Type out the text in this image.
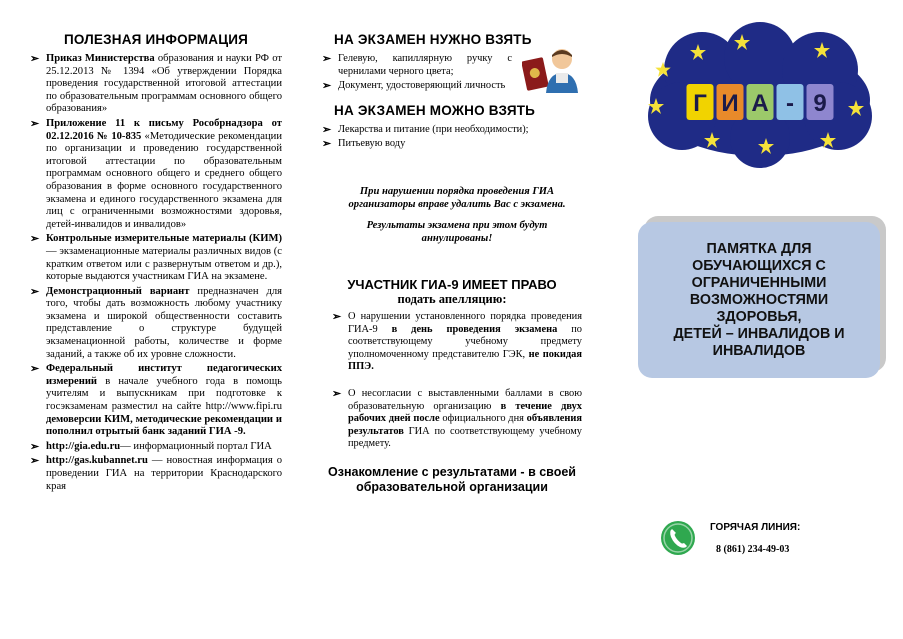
ПОЛЕЗНАЯ ИНФОРМАЦИЯ
➢ Приказ Министерства образования и науки РФ от 25.12.2013 № 1394 «Об утверждении Порядка проведения государственной итоговой аттестации по образовательным программам основного общего образования»
➢ Приложение 11 к письму Рособрнадзора от 02.12.2016 № 10-835 «Методические рекомендации по организации и проведению государственной итоговой аттестации по образовательным программам основного общего и среднего общего образования в форме основного государственного экзамена и единого государственного экзамена для лиц с ограниченными возможностями здоровья, детей-инвалидов и инвалидов»
➢ Контрольные измерительные материалы (КИМ) — экзаменационные материалы различных видов (с кратким ответом или с развернутым ответом и др.), которые выдаются участникам ГИА на экзамене.
➢ Демонстрационный вариант предназначен для того, чтобы дать возможность любому участнику экзамена и широкой общественности составить представление о структуре будущей экзаменационной работы, количестве и форме заданий, а также об их уровне сложности.
➢ Федеральный институт педагогических измерений в начале учебного года в помощь учителям и выпускникам при подготовке к госэкзаменам разместил на сайте http://www.fipi.ru демоверсии КИМ, методические рекомендации и пополнил отрытый банк заданий ГИА -9.
➢ http://gia.edu.ru— информационный портал ГИА
➢ http://gas.kubannet.ru — новостная информация о проведении ГИА на территории Краснодарского края
НА ЭКЗАМЕН НУЖНО ВЗЯТЬ
➢ Гелевую, капиллярную ручку с чернилами черного цвета;
➢ Документ, удостоверяющий личность
НА ЭКЗАМЕН МОЖНО ВЗЯТЬ
➢ Лекарства и питание (при необходимости);
➢ Питьевую воду
При нарушении порядка проведения ГИА организаторы вправе удалить Вас с экзамена.
Результаты экзамена при этом будут аннулированы!
УЧАСТНИК ГИА-9 ИМЕЕТ ПРАВО
подать апелляцию:
➢ О нарушении установленного порядка проведения ГИА-9 в день проведения экзамена по соответствующему учебному предмету уполномоченному представителю ГЭК, не покидая ППЭ.
➢ О несогласии с выставленными баллами в свою образовательную организацию в течение двух рабочих дней после официального дня объявления результатов ГИА по соответствующему учебному предмету.
Ознакомление с результатами - в своей образовательной организации
Г И А - 9
ПАМЯТКА ДЛЯ
ОБУЧАЮЩИХСЯ С
ОГРАНИЧЕННЫМИ
ВОЗМОЖНОСТЯМИ
ЗДОРОВЬЯ,
ДЕТЕЙ – ИНВАЛИДОВ И
ИНВАЛИДОВ
ГОРЯЧАЯ ЛИНИЯ:
8 (861) 234-49-03
